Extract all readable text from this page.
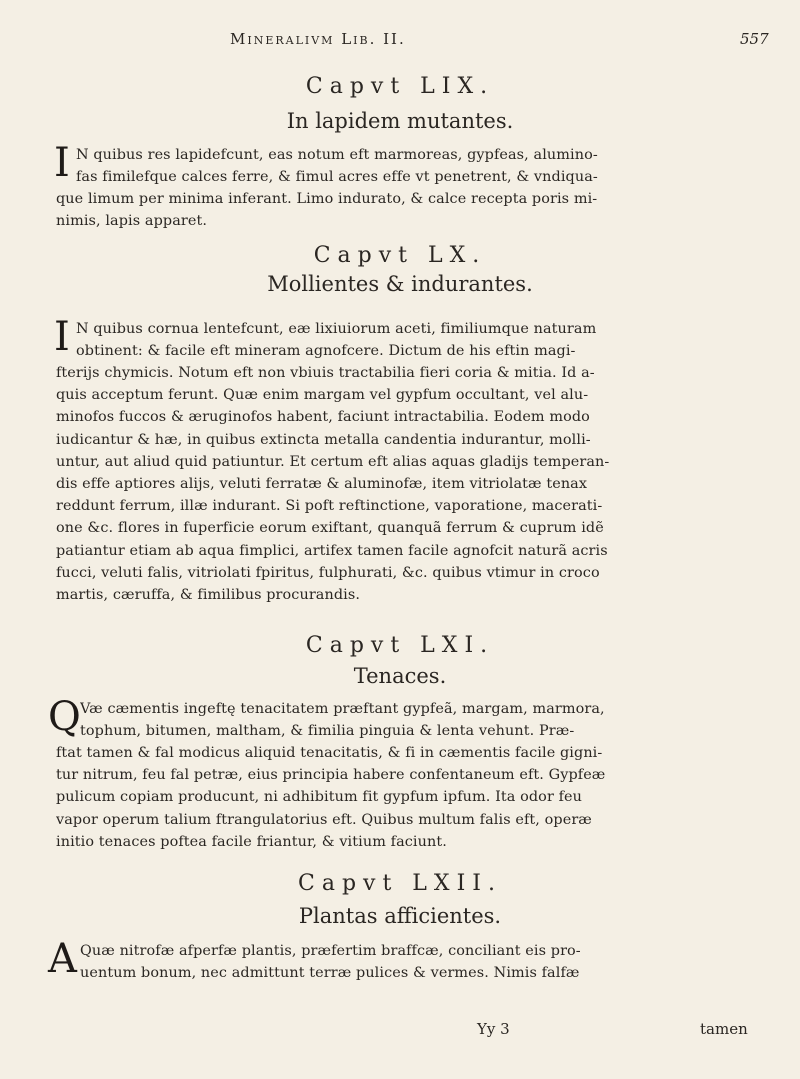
Mineralivm Lib. II.	557
Capvt LIX.
In lapidem mutantes.
I N quibus res lapidefcunt, eas notum eft marmoreas, gypfeas, alumino-
fas fimilefque calces ferre, & fimul acres effe vt penetrent, & vndiqua-
que limum per minima inferant. Limo indurato, & calce recepta poris mi-
nimis, lapis apparet.
Capvt LX.
Mollientes & indurantes.
I N quibus cornua lentefcunt, eæ lixiuiorum aceti, fimiliumque naturam
obtinent: & facile eft mineram agnofcere. Dictum de his eftin magi-
fterijs chymicis. Notum eft non vbiuis tractabilia fieri coria & mitia. Id a-
quis acceptum ferunt. Quæ enim margam vel gypfum occultant, vel alu-
minofos fuccos & æruginofos habent, faciunt intractabilia. Eodem modo
iudicantur & hæ, in quibus extincta metalla candentia indurantur, molli-
untur, aut aliud quid patiuntur. Et certum eft alias aquas gladijs temperan-
dis effe aptiores alijs, veluti ferratæ & aluminofæ, item vitriolatæ tenax
reddunt ferrum, illæ indurant. Si poft reftinctione, vaporatione, macerati-
one &c. flores in fuperficie eorum exiftant, quanquã ferrum & cuprum idẽ
patiantur etiam ab aqua fimplici, artifex tamen facile agnofcit naturã acris
fucci, veluti falis, vitriolati fpiritus, fulphurati, &c. quibus vtimur in croco
martis, cæruffa, & fimilibus procurandis.
Capvt LXI.
Tenaces.
Q Væ cæmentis ingeftę tenacitatem præftant gypfeã, margam, marmora,
tophum, bitumen, maltham, & fimilia pinguia & lenta vehunt. Præ-
ftat tamen & fal modicus aliquid tenacitatis, & fi in cæmentis facile gigni-
tur nitrum, feu fal petræ, eius principia habere confentaneum eft. Gypfeæ
pulicum copiam producunt, ni adhibitum fit gypfum ipfum. Ita odor feu
vapor operum talium ftrangulatorius eft. Quibus multum falis eft, operæ
initio tenaces poftea facile friantur, & vitium faciunt.
Capvt LXII.
Plantas afficientes.
A Quæ nitrofæ afperfæ plantis, præfertim braffcæ, conciliant eis pro-
uentum bonum, nec admittunt terræ pulices & vermes. Nimis falfæ
Yy 3	tamen
